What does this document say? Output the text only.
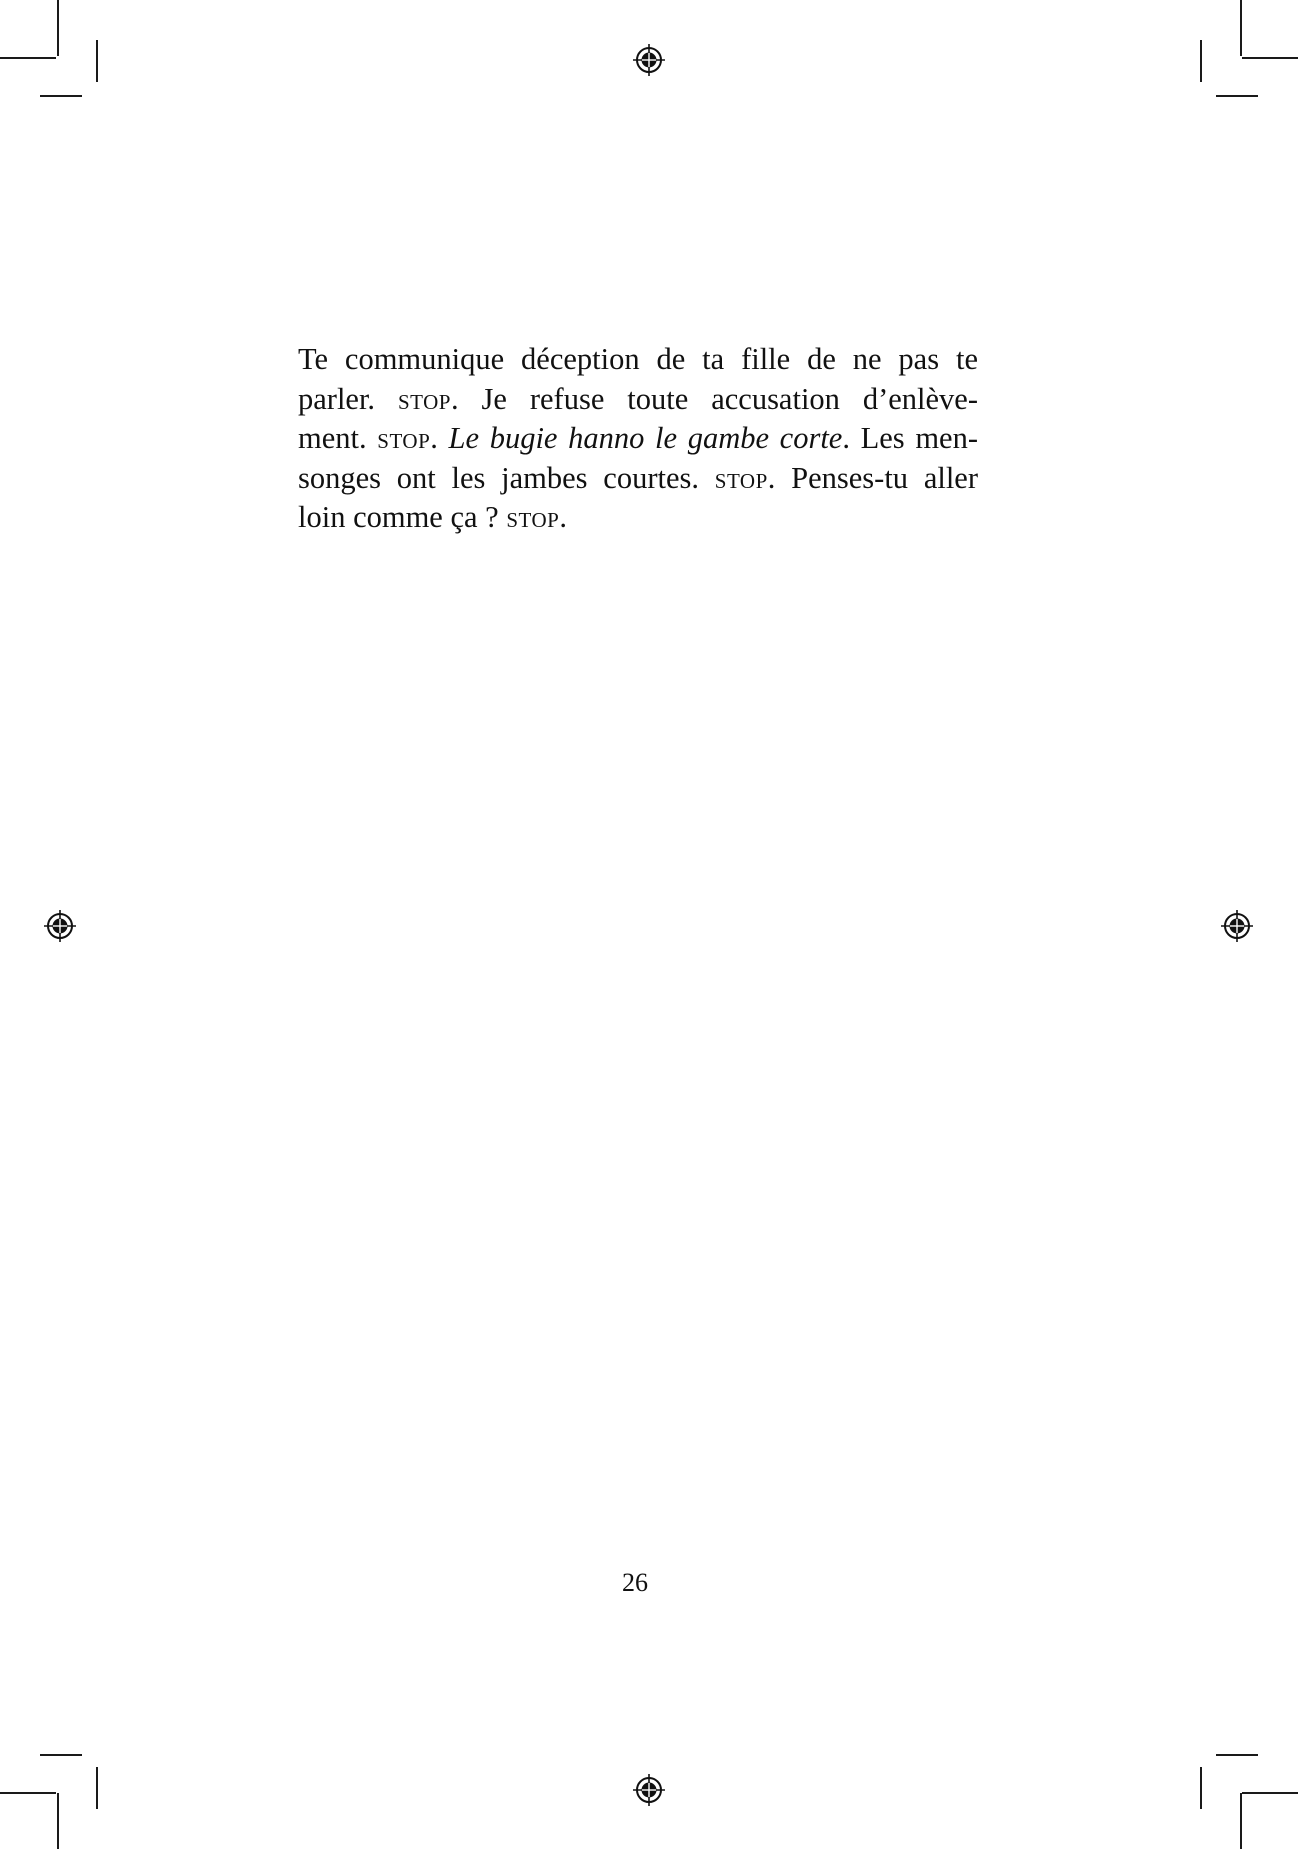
Te communique déception de ta fille de ne pas te
parler. stop. Je refuse toute accusation d’enlève-
ment. stop. Le bugie hanno le gambe corte. Les men-
songes ont les jambes courtes. stop. Penses-tu aller
loin comme ça ? stop.
26
